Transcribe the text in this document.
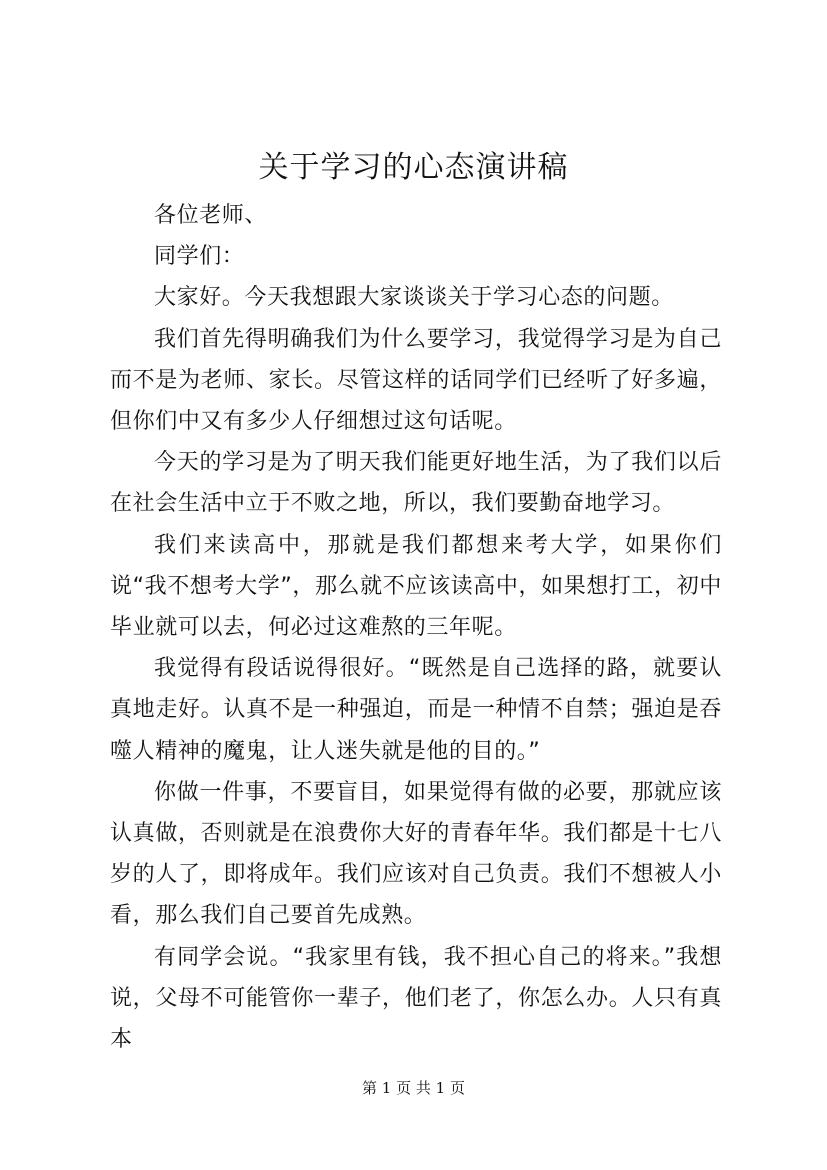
关于学习的心态演讲稿

各位老师、

同学们：

大家好。今天我想跟大家谈谈关于学习心态的问题。

我们首先得明确我们为什么要学习，我觉得学习是为自己而不是为老师、家长。尽管这样的话同学们已经听了好多遍，但你们中又有多少人仔细想过这句话呢。

今天的学习是为了明天我们能更好地生活，为了我们以后在社会生活中立于不败之地，所以，我们要勤奋地学习。

我们来读高中，那就是我们都想来考大学，如果你们说“我不想考大学”，那么就不应该读高中，如果想打工，初中毕业就可以去，何必过这难熬的三年呢。

我觉得有段话说得很好。“既然是自己选择的路，就要认真地走好。认真不是一种强迫，而是一种情不自禁；强迫是吞噬人精神的魔鬼，让人迷失就是他的目的。”

你做一件事，不要盲目，如果觉得有做的必要，那就应该认真做，否则就是在浪费你大好的青春年华。我们都是十七八岁的人了，即将成年。我们应该对自己负责。我们不想被人小看，那么我们自己要首先成熟。

有同学会说。“我家里有钱，我不担心自己的将来。”我想说，父母不可能管你一辈子，他们老了，你怎么办。人只有真本

第 1 页 共 1 页
